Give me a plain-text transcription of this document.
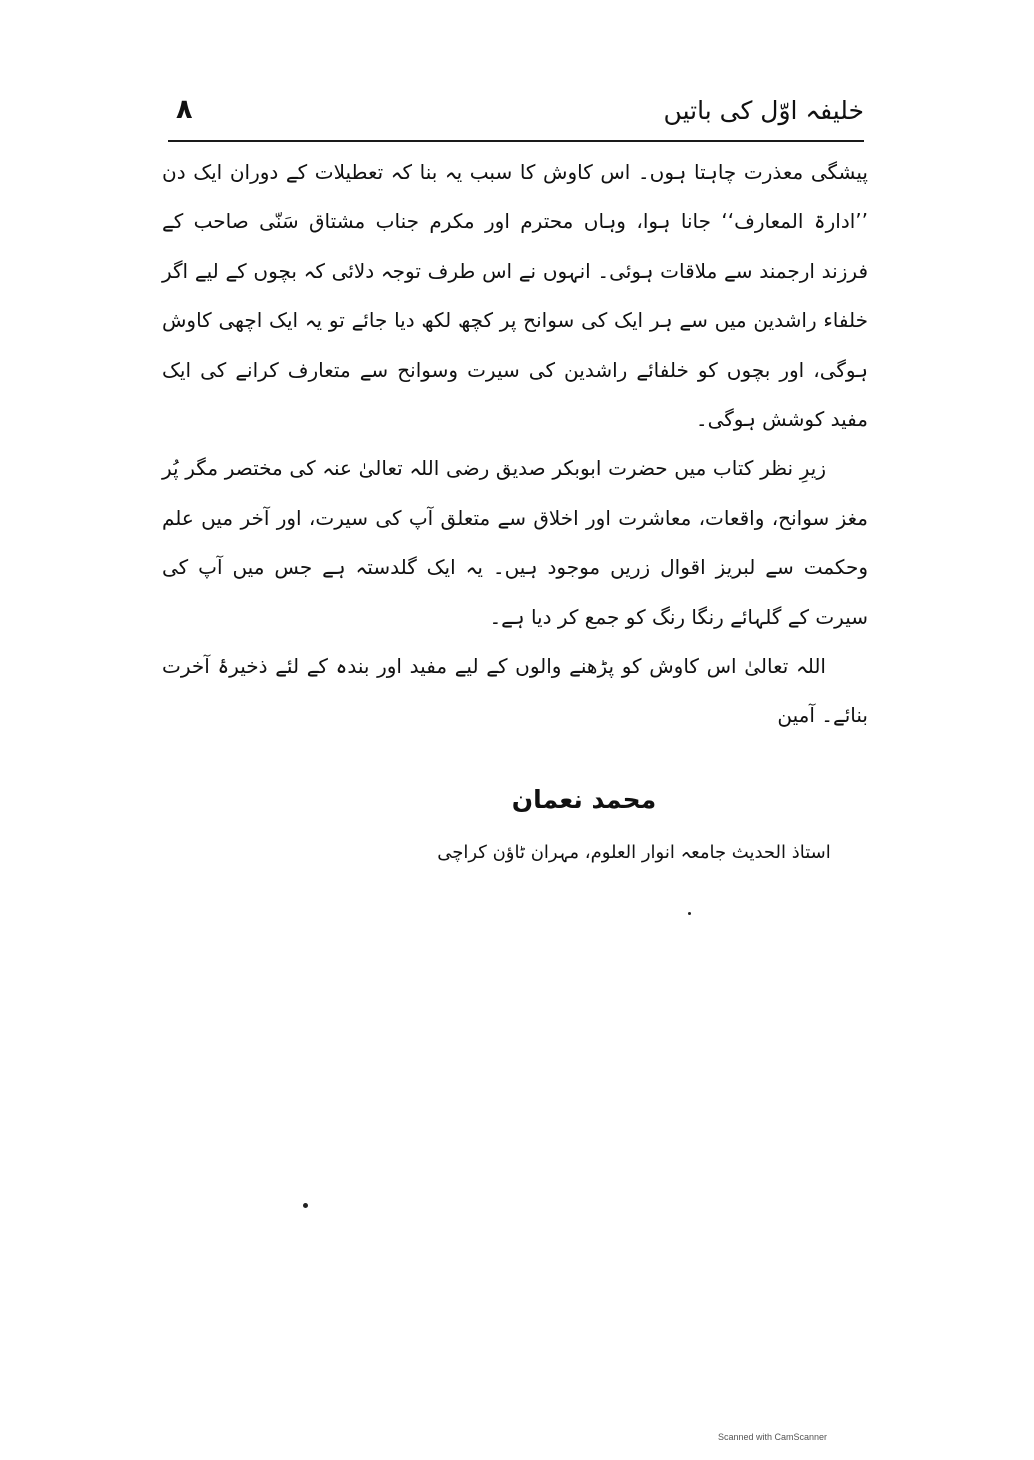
خلیفہ اوّل کی باتیں
۸

پیشگی معذرت چاہتا ہوں۔ اس کاوش کا سبب یہ بنا کہ تعطیلات کے دوران ایک دن ’’ادارۃ المعارف‘‘ جانا ہوا، وہاں محترم اور مکرم جناب مشتاق سَنّی صاحب کے فرزند ارجمند سے ملاقات ہوئی۔ انہوں نے اس طرف توجہ دلائی کہ بچوں کے لیے اگر خلفاء راشدین میں سے ہر ایک کی سوانح پر کچھ لکھ دیا جائے تو یہ ایک اچھی کاوش ہوگی، اور بچوں کو خلفائے راشدین کی سیرت وسوانح سے متعارف کرانے کی ایک مفید کوشش ہوگی۔

زیرِ نظر کتاب میں حضرت ابوبکر صدیق رضی اللہ تعالیٰ عنہ کی مختصر مگر پُر مغز سوانح، واقعات، معاشرت اور اخلاق سے متعلق آپ کی سیرت، اور آخر میں علم وحکمت سے لبریز اقوال زریں موجود ہیں۔ یہ ایک گلدستہ ہے جس میں آپ کی سیرت کے گلہائے رنگا رنگ کو جمع کر دیا ہے۔

اللہ تعالیٰ اس کاوش کو پڑھنے والوں کے لیے مفید اور بندہ کے لئے ذخیرۂ آخرت بنائے۔ آمین

محمد نعمان
استاذ الحدیث جامعہ انوار العلوم، مہران ٹاؤن کراچی
Scanned with CamScanner
